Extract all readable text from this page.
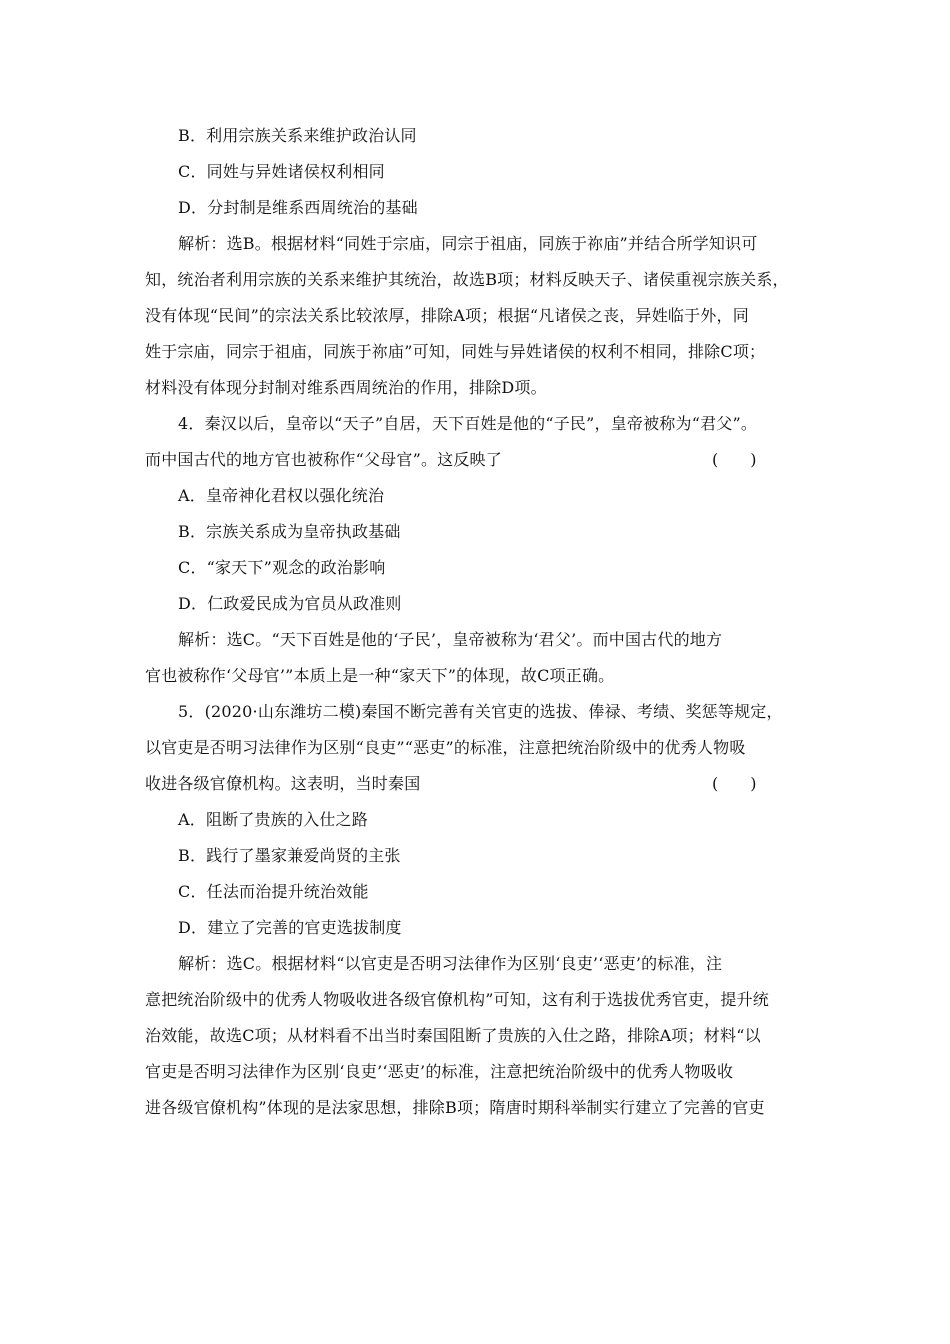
B．利用宗族关系来维护政治认同
C．同姓与异姓诸侯权利相同
D．分封制是维系西周统治的基础
解析：选B。根据材料“同姓于宗庙，同宗于祖庙，同族于祢庙”并结合所学知识可
知，统治者利用宗族的关系来维护其统治，故选B项；材料反映天子、诸侯重视宗族关系，
没有体现“民间”的宗法关系比较浓厚，排除A项；根据“凡诸侯之丧，异姓临于外，同
姓于宗庙，同宗于祖庙，同族于祢庙”可知，同姓与异姓诸侯的权利不相同，排除C项；
材料没有体现分封制对维系西周统治的作用，排除D项。
4．秦汉以后，皇帝以“天子”自居，天下百姓是他的“子民”，皇帝被称为“君父”。
而中国古代的地方官也被称作“父母官”。这反映了	(　　)
A．皇帝神化君权以强化统治
B．宗族关系成为皇帝执政基础
C．“家天下”观念的政治影响
D．仁政爱民成为官员从政准则
解析：选C。“天下百姓是他的‘子民’，皇帝被称为‘君父’。而中国古代的地方
官也被称作‘父母官’”本质上是一种“家天下”的体现，故C项正确。
5．(2020·山东潍坊二模)秦国不断完善有关官吏的选拔、俸禄、考绩、奖惩等规定，
以官吏是否明习法律作为区别“良吏”“恶吏”的标准，注意把统治阶级中的优秀人物吸
收进各级官僚机构。这表明，当时秦国	(　　)
A．阻断了贵族的入仕之路
B．践行了墨家兼爱尚贤的主张
C．任法而治提升统治效能
D．建立了完善的官吏选拔制度
解析：选C。根据材料“以官吏是否明习法律作为区别‘良吏’‘恶吏’的标准，注
意把统治阶级中的优秀人物吸收进各级官僚机构”可知，这有利于选拔优秀官吏，提升统
治效能，故选C项；从材料看不出当时秦国阻断了贵族的入仕之路，排除A项；材料“以
官吏是否明习法律作为区别‘良吏’‘恶吏’的标准，注意把统治阶级中的优秀人物吸收
进各级官僚机构”体现的是法家思想，排除B项；隋唐时期科举制实行建立了完善的官吏
